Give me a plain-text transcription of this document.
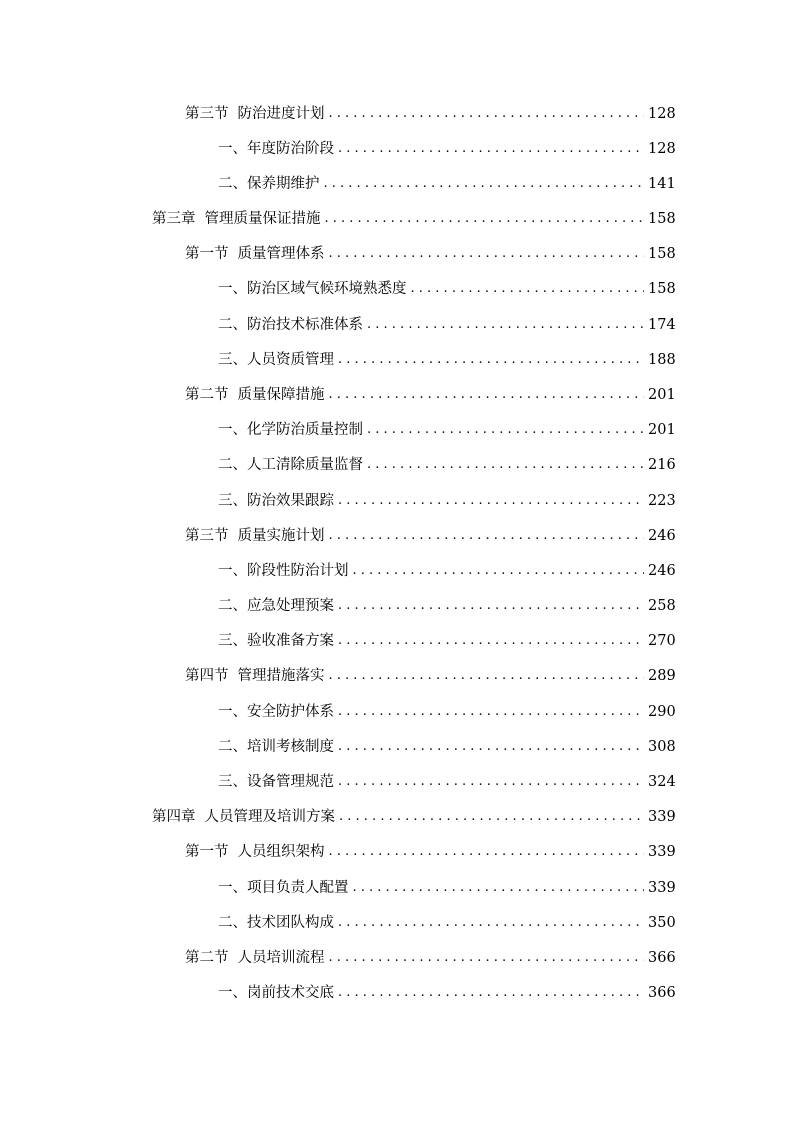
第三节 防治进度计划 . . .	128
一、 年度防治阶段 . . .	128
二、 保养期维护 . . .	141
第三章 管理质量保证措施 . . .	158
第一节 质量管理体系 . . .	158
一、 防治区域气候环境熟悉度 . . .	158
二、 防治技术标准体系 . . .	174
三、 人员资质管理 . . .	188
第二节 质量保障措施 . . .	201
一、 化学防治质量控制 . . .	201
二、 人工清除质量监督 . . .	216
三、 防治效果跟踪 . . .	223
第三节 质量实施计划 . . .	246
一、 阶段性防治计划 . . .	246
二、 应急处理预案 . . .	258
三、 验收准备方案 . . .	270
第四节 管理措施落实 . . .	289
一、 安全防护体系 . . .	290
二、 培训考核制度 . . .	308
三、 设备管理规范 . . .	324
第四章 人员管理及培训方案 . . .	339
第一节 人员组织架构 . . .	339
一、 项目负责人配置 . . .	339
二、 技术团队构成 . . .	350
第二节 人员培训流程 . . .	366
一、 岗前技术交底 . . .	366
